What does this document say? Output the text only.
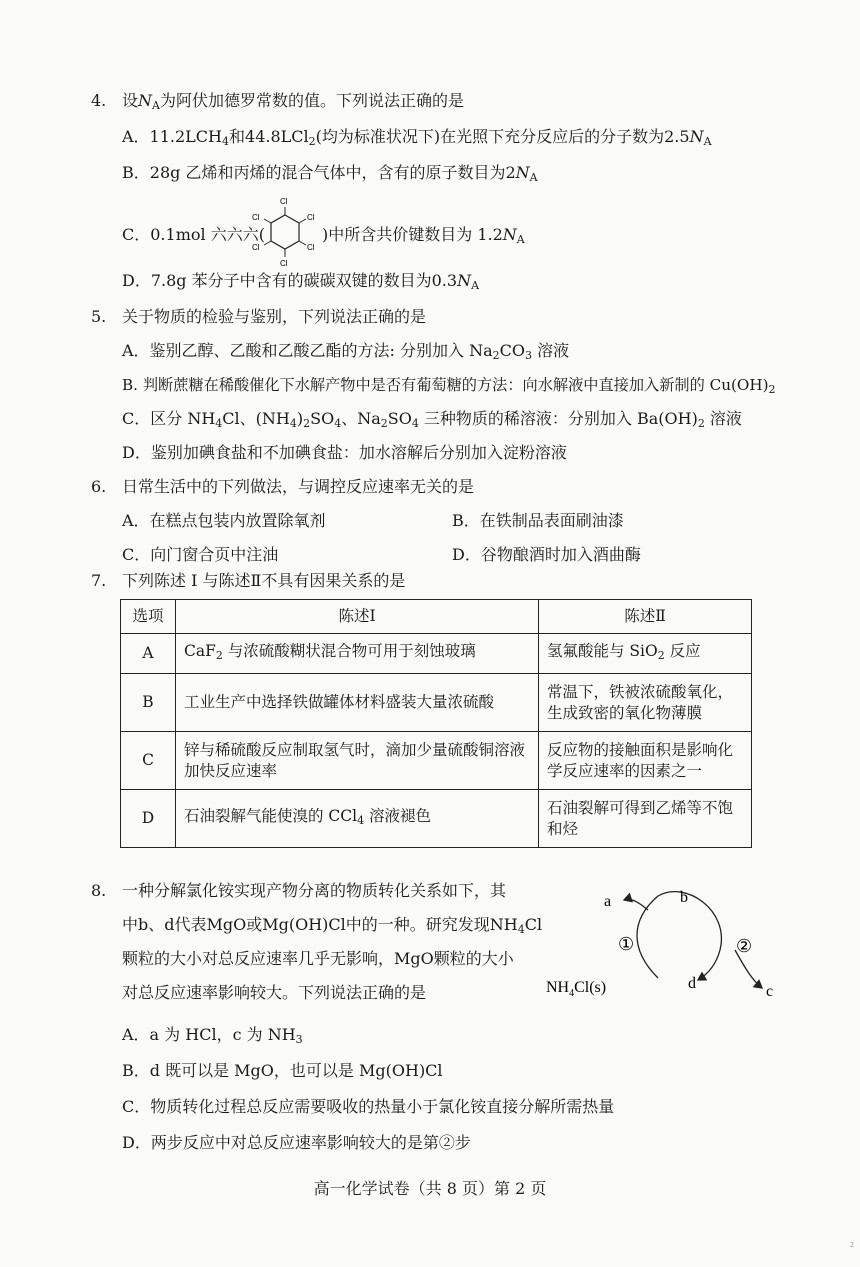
4. 设$N_A$为阿伏加德罗常数的值。下列说法正确的是
A．$11.2LCH_4$和44.8LCl$_2$(均为标准状况下)在光照下充分反应后的分子数为$2.5N_A$
B．28g 乙烯和丙烯的混合气体中，含有的原子数目为$2N_A$
C．0.1mol 六六六(
Cl
Cl
Cl
Cl
Cl
Cl
)中所含共价键数目为 $1.2N_A$
D．7.8g 苯分子中含有的碳碳双键的数目为$0.3N_A$
5. 关于物质的检验与鉴别，下列说法正确的是
A．鉴别乙醇、乙酸和乙酸乙酯的方法: 分别加入 $Na_2CO_3$ 溶液
B. 判断蔗糖在稀酸催化下水解产物中是否有葡萄糖的方法：向水解液中直接加入新制的 $Cu(OH)_2$
C．区分 $NH_4Cl$、$(NH_4)_2SO_4$、$Na_2SO_4$ 三种物质的稀溶液：分别加入 $Ba(OH)_2$ 溶液
D．鉴别加碘食盐和不加碘食盐：加水溶解后分别加入淀粉溶液
6. 日常生活中的下列做法，与调控反应速率无关的是
A．在糕点包装内放置除氧剂	B．在铁制品表面刷油漆
C．向门窗合页中注油	D．谷物酿酒时加入酒曲酶
7. 下列陈述 I 与陈述Ⅱ不具有因果关系的是
选项	陈述I	陈述Ⅱ
A	CaF$_2$ 与浓硫酸糊状混合物可用于刻蚀玻璃	氢氟酸能与 SiO$_2$ 反应
B	工业生产中选择铁做罐体材料盛装大量浓硫酸	常温下，铁被浓硫酸氧化，生成致密的氧化物薄膜
C	锌与稀硫酸反应制取氢气时，滴加少量硫酸铜溶液加快反应速率	反应物的接触面积是影响化学反应速率的因素之一
D	石油裂解气能使溴的 CCl$_4$ 溶液褪色	石油裂解可得到乙烯等不饱和烃
8. 一种分解氯化铵实现产物分离的物质转化关系如下，其
中b、d代表MgO或Mg(OH)Cl中的一种。研究发现$NH_4Cl$
颗粒的大小对总反应速率几乎无影响，MgO颗粒的大小
对总反应速率影响较大。下列说法正确的是
a	b
d	c
①	②
$NH_4Cl(s)$
A．a 为 HCl，c 为 $NH_3$
B．d 既可以是 MgO，也可以是 Mg(OH)Cl
C．物质转化过程总反应需要吸收的热量小于氯化铵直接分解所需热量
D．两步反应中对总反应速率影响较大的是第②步
高一化学试卷（共 8 页）第 2 页
2
